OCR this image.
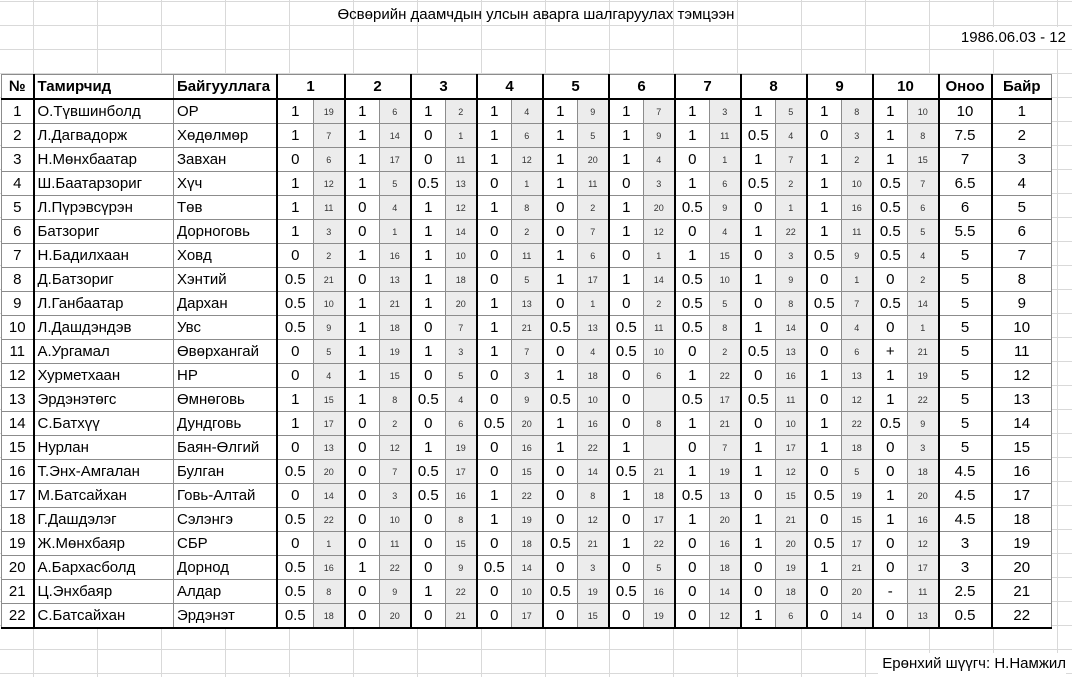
Өсвөрийн даамчдын улсын аварга шалгаруулах тэмцээн
1986.06.03 - 12
№	Тамирчид	Байгууллага	1		2		3		4		5		6		7		8		9		10		Оноо	Байр
1	О.Түвшинболд	ОР	1	19	1	6	1	2	1	4	1	9	1	7	1	3	1	5	1	8	1	10	10	1
2	Л.Дагвадорж	Хөдөлмөр	1	7	1	14	0	1	1	6	1	5	1	9	1	11	0.5	4	0	3	1	8	7.5	2
3	Н.Мөнхбаатар	Завхан	0	6	1	17	0	11	1	12	1	20	1	4	0	1	1	7	1	2	1	15	7	3
4	Ш.Баатарзориг	Хүч	1	12	1	5	0.5	13	0	1	1	11	0	3	1	6	0.5	2	1	10	0.5	7	6.5	4
5	Л.Пүрэвсүрэн	Төв	1	11	0	4	1	12	1	8	0	2	1	20	0.5	9	0	1	1	16	0.5	6	6	5
6	Батзориг	Дорноговь	1	3	0	1	1	14	0	2	0	7	1	12	0	4	1	22	1	11	0.5	5	5.5	6
7	Н.Бадилхаан	Ховд	0	2	1	16	1	10	0	11	1	6	0	1	1	15	0	3	0.5	9	0.5	4	5	7
8	Д.Батзориг	Хэнтий	0.5	21	0	13	1	18	0	5	1	17	1	14	0.5	10	1	9	0	1	0	2	5	8
9	Л.Ганбаатар	Дархан	0.5	10	1	21	1	20	1	13	0	1	0	2	0.5	5	0	8	0.5	7	0.5	14	5	9
10	Л.Дашдэндэв	Увс	0.5	9	1	18	0	7	1	21	0.5	13	0.5	11	0.5	8	1	14	0	4	0	1	5	10
11	А.Ургамал	Өвөрхангай	0	5	1	19	1	3	1	7	0	4	0.5	10	0	2	0.5	13	0	6	+	21	5	11
12	Хурметхаан	НР	0	4	1	15	0	5	0	3	1	18	0	6	1	22	0	16	1	13	1	19	5	12
13	Эрдэнэтөгс	Өмнөговь	1	15	1	8	0.5	4	0	9	0.5	10	0		0.5	17	0.5	11	0	12	1	22	5	13
14	С.Батхүү	Дундговь	1	17	0	2	0	6	0.5	20	1	16	0	8	1	21	0	10	1	22	0.5	9	5	14
15	Нурлан	Баян-Өлгий	0	13	0	12	1	19	0	16	1	22	1		0	7	1	17	1	18	0	3	5	15
16	Т.Энх-Амгалан	Булган	0.5	20	0	7	0.5	17	0	15	0	14	0.5	21	1	19	1	12	0	5	0	18	4.5	16
17	М.Батсайхан	Говь-Алтай	0	14	0	3	0.5	16	1	22	0	8	1	18	0.5	13	0	15	0.5	19	1	20	4.5	17
18	Г.Дашдэлэг	Сэлэнгэ	0.5	22	0	10	0	8	1	19	0	12	0	17	1	20	1	21	0	15	1	16	4.5	18
19	Ж.Мөнхбаяр	СБР	0	1	0	11	0	15	0	18	0.5	21	1	22	0	16	1	20	0.5	17	0	12	3	19
20	А.Бархасболд	Дорнод	0.5	16	1	22	0	9	0.5	14	0	3	0	5	0	18	0	19	1	21	0	17	3	20
21	Ц.Энхбаяр	Алдар	0.5	8	0	9	1	22	0	10	0.5	19	0.5	16	0	14	0	18	0	20	-	11	2.5	21
22	С.Батсайхан	Эрдэнэт	0.5	18	0	20	0	21	0	17	0	15	0	19	0	12	1	6	0	14	0	13	0.5	22
Ерөнхий шүүгч: Н.Намжил
